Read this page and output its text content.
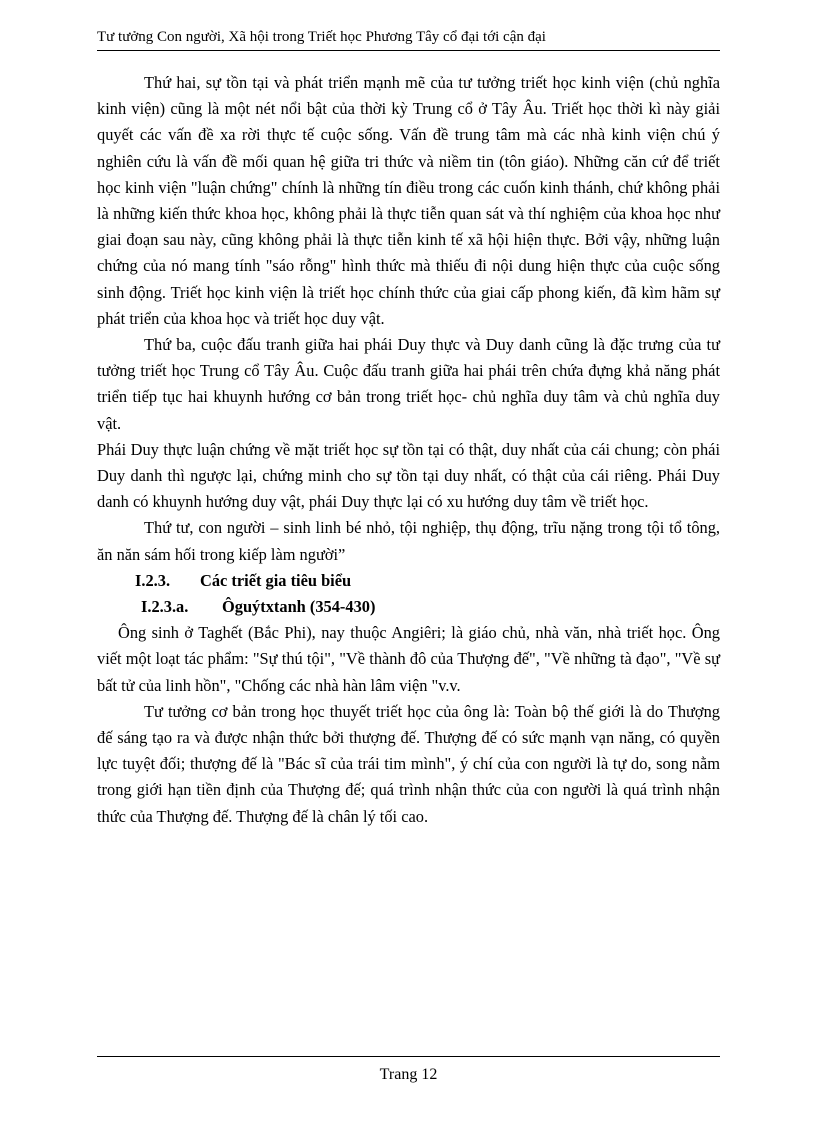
Tư tưởng Con người, Xã hội trong Triết học Phương Tây cổ đại tới cận đại

Thứ hai, sự tồn tại và phát triển mạnh mẽ của tư tưởng triết học kinh viện (chủ nghĩa kinh viện) cũng là một nét nổi bật của thời kỳ Trung cổ ở Tây Âu. Triết học thời kì này giải quyết các vấn đề xa rời thực tế cuộc sống. Vấn đề trung tâm mà các nhà kinh viện chú ý nghiên cứu là vấn đề mối quan hệ giữa tri thức và niềm tin (tôn giáo). Những căn cứ để triết học kinh viện "luận chứng" chính là những tín điều trong các cuốn kinh thánh, chứ không phải là những kiến thức khoa học, không phải là thực tiễn quan sát và thí nghiệm của khoa học như giai đoạn sau này, cũng không phải là thực tiễn kinh tế xã hội hiện thực. Bởi vậy, những luận chứng của nó mang tính "sáo rỗng" hình thức mà thiếu đi nội dung hiện thực của cuộc sống sinh động. Triết học kinh viện là triết học chính thức của giai cấp phong kiến, đã kìm hãm sự phát triển của khoa học và triết học duy vật.

Thứ ba, cuộc đấu tranh giữa hai phái Duy thực và Duy danh cũng là đặc trưng của tư tưởng triết học Trung cổ Tây Âu. Cuộc đấu tranh giữa hai phái trên chứa đựng khả năng phát triển tiếp tục hai khuynh hướng cơ bản trong triết học- chủ nghĩa duy tâm và chủ nghĩa duy vật.

Phái Duy thực luận chứng về mặt triết học sự tồn tại có thật, duy nhất của cái chung; còn phái Duy danh thì ngược lại, chứng minh cho sự tồn tại duy nhất, có thật của cái riêng. Phái Duy danh có khuynh hướng duy vật, phái Duy thực lại có xu hướng duy tâm về triết học.

Thứ tư, con người – sinh linh bé nhỏ, tội nghiệp, thụ động, trĩu nặng trong tội tổ tông, ăn năn sám hối trong kiếp làm người”

I.2.3.	Các triết gia tiêu biểu
I.2.3.a.	Ôguýtxtanh (354-430)

Ông sinh ở Taghết (Bắc Phi), nay thuộc Angiêri; là giáo chủ, nhà văn, nhà triết học. Ông viết một loạt tác phẩm: "Sự thú tội", "Về thành đô của Thượng đế", "Về những tà đạo", "Về sự bất tử của linh hồn", "Chống các nhà hàn lâm viện "v.v.

Tư tưởng cơ bản trong học thuyết triết học của ông là: Toàn bộ thế giới là do Thượng đế sáng tạo ra và được nhận thức bởi thượng đế. Thượng đế có sức mạnh vạn năng, có quyền lực tuyệt đối; thượng đế là "Bác sĩ của trái tim mình", ý chí của con người là tự do, song nằm trong giới hạn tiền định của Thượng đế; quá trình nhận thức của con người là quá trình nhận thức của Thượng đế. Thượng đế là chân lý tối cao.

Trang 12
